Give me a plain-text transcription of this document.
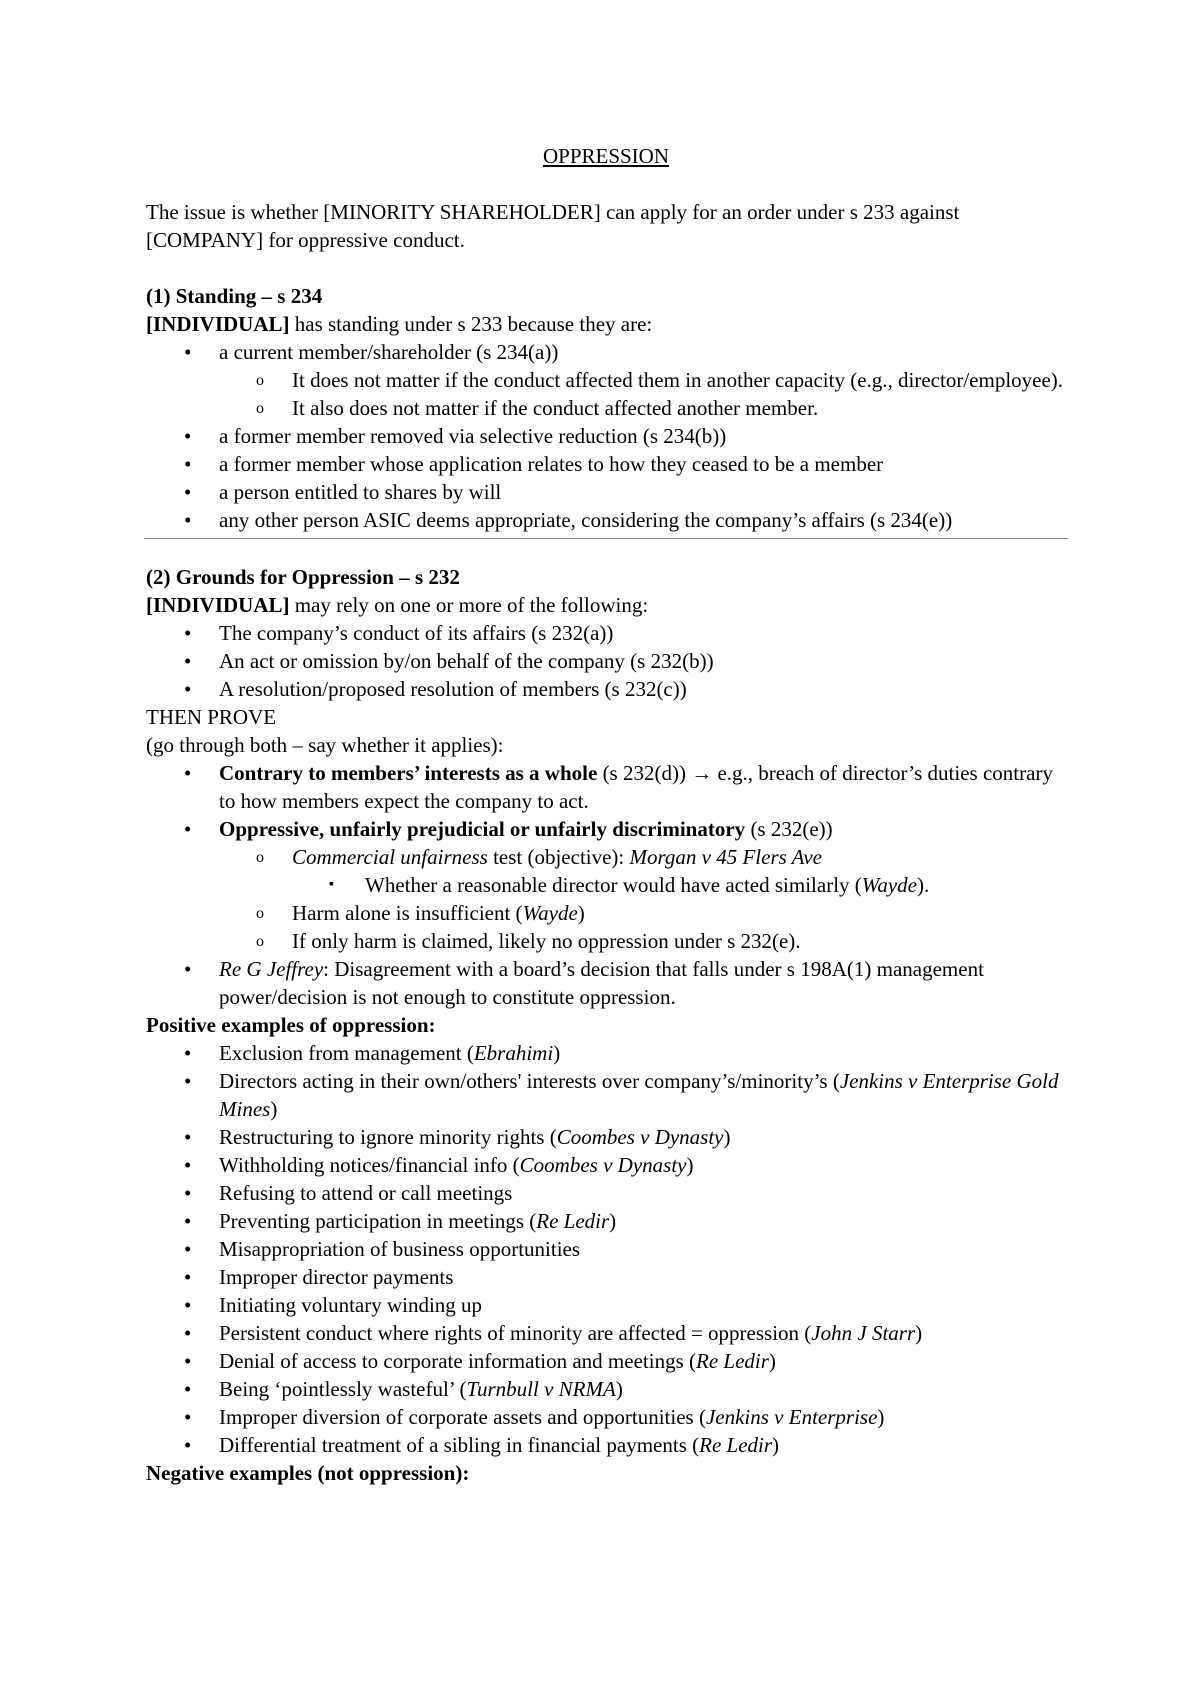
OPPRESSION

The issue is whether [MINORITY SHAREHOLDER] can apply for an order under s 233 against [COMPANY] for oppressive conduct.

(1) Standing – s 234

[INDIVIDUAL] has standing under s 233 because they are:

• a current member/shareholder (s 234(a))
o It does not matter if the conduct affected them in another capacity (e.g., director/employee).
o It also does not matter if the conduct affected another member.
• a former member removed via selective reduction (s 234(b))
• a former member whose application relates to how they ceased to be a member
• a person entitled to shares by will
• any other person ASIC deems appropriate, considering the company’s affairs (s 234(e))

(2) Grounds for Oppression – s 232

[INDIVIDUAL] may rely on one or more of the following:

• The company’s conduct of its affairs (s 232(a))
• An act or omission by/on behalf of the company (s 232(b))
• A resolution/proposed resolution of members (s 232(c))

THEN PROVE

(go through both – say whether it applies):

• Contrary to members’ interests as a whole (s 232(d)) → e.g., breach of director’s duties contrary to how members expect the company to act.
• Oppressive, unfairly prejudicial or unfairly discriminatory (s 232(e))
o Commercial unfairness test (objective): Morgan v 45 Flers Ave
▪ Whether a reasonable director would have acted similarly (Wayde).
o Harm alone is insufficient (Wayde)
o If only harm is claimed, likely no oppression under s 232(e).
• Re G Jeffrey: Disagreement with a board’s decision that falls under s 198A(1) management power/decision is not enough to constitute oppression.

Positive examples of oppression:

• Exclusion from management (Ebrahimi)
• Directors acting in their own/others' interests over company’s/minority’s (Jenkins v Enterprise Gold Mines)
• Restructuring to ignore minority rights (Coombes v Dynasty)
• Withholding notices/financial info (Coombes v Dynasty)
• Refusing to attend or call meetings
• Preventing participation in meetings (Re Ledir)
• Misappropriation of business opportunities
• Improper director payments
• Initiating voluntary winding up
• Persistent conduct where rights of minority are affected = oppression (John J Starr)
• Denial of access to corporate information and meetings (Re Ledir)
• Being ‘pointlessly wasteful’ (Turnbull v NRMA)
• Improper diversion of corporate assets and opportunities (Jenkins v Enterprise)
• Differential treatment of a sibling in financial payments (Re Ledir)

Negative examples (not oppression):
